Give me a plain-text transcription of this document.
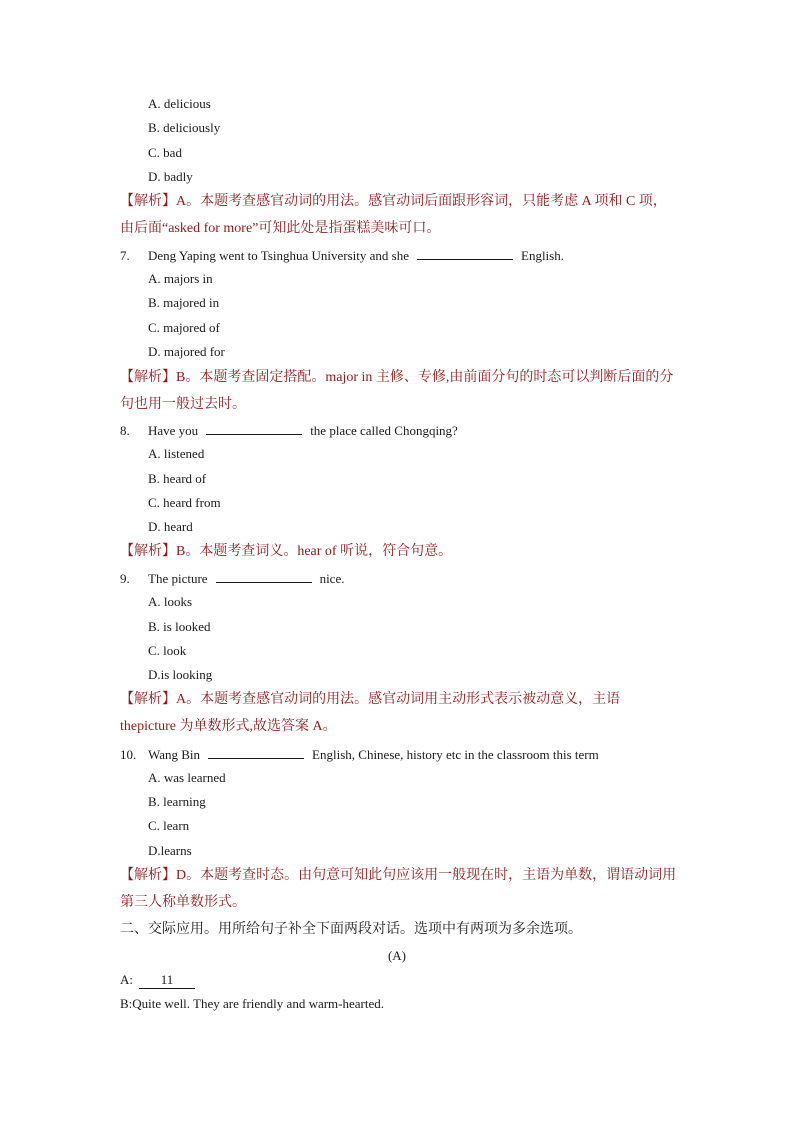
A. delicious
B. deliciously
C. bad
D. badly
【解析】A。本题考查感官动词的用法。感官动词后面跟形容词，只能考虑 A 项和 C 项，
由后面“asked for more”可知此处是指蛋糕美味可口。
7. Deng Yaping went to Tsinghua University and she	English.
A. majors in
B. majored in
C. majored of
D. majored for
【解析】B。本题考查固定搭配。major in 主修、专修,由前面分句的时态可以判断后面的分
句也用一般过去时。
8. Have you	the place called Chongqing?
A. listened
B. heard of
C. heard from
D. heard
【解析】B。本题考查词义。hear of 听说，符合句意。
9. The picture	nice.
A. looks
B. is looked
C. look
D.is looking
【解析】A。本题考查感官动词的用法。感官动词用主动形式表示被动意义，主语
thepicture 为单数形式,故选答案 A。
10. Wang Bin	English, Chinese, history etc in the classroom this term
A. was learned
B. learning
C. learn
D.learns
【解析】D。本题考查时态。由句意可知此句应该用一般现在时，主语为单数，谓语动词用
第三人称单数形式。
二、交际应用。用所给句子补全下面两段对话。选项中有两项为多余选项。
(A)
A: 11
B:Quite well. They are friendly and warm-hearted.
